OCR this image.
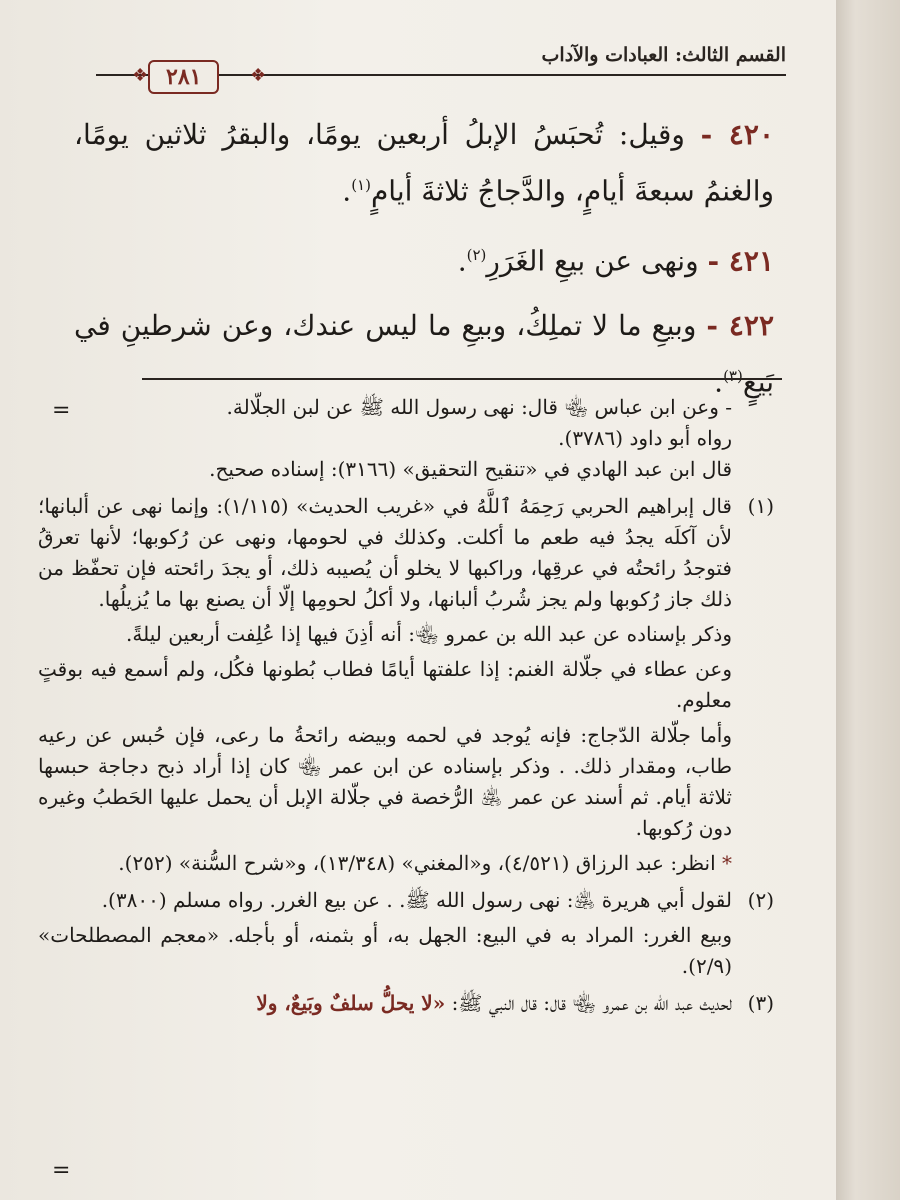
القسم الثالث: العبادات والآداب
❖
٢٨١
❖
٤٢٠ - وقيل: تُحبَسُ الإبلُ أربعين يومًا، والبقرُ ثلاثين يومًا، والغنمُ سبعةَ أيامٍ، والدَّجاجُ ثلاثةَ أيامٍ$^{(١)}$.
٤٢١ - ونهى عن بيعِ الغَرَرِ$^{(٢)}$.
٤٢٢ - وبيعِ ما لا تملِكُ، وبيعِ ما ليس عندك، وعن شرطينِ في بَيعٍ$^{(٣)}$.
=	- وعن ابن عباس ﵄ قال: نهى رسول الله ﷺ عن لبن الجلّالة.
رواه أبو داود (٣٧٨٦).
قال ابن عبد الهادي في «تنقيح التحقيق» (٣١٦٦): إسناده صحيح.
(١)
قال إبراهيم الحربي رَحِمَهُ ٱللَّهُ في «غريب الحديث» (١/١١٥): وإنما نهى عن ألبانها؛ لأن آكلَه يجدُ فيه طعم ما أكلت. وكذلك في لحومها، ونهى عن رُكوبها؛ لأنها تعرقُ فتوجدُ رائحتُه في عرقِها، وراكبها لا يخلو أن يُصيبه ذلك، أو يجدَ رائحته فإن تحفّظ من ذلك جاز رُكوبها ولم يجز شُربُ ألبانها، ولا أكلُ لحومِها إلّا أن يصنع بها ما يُزيلُها.
وذكر بإسناده عن عبد الله بن عمرو ﵄: أنه أذِنَ فيها إذا عُلِفت أربعين ليلةً.
وعن عطاء في جلّالة الغنم: إذا علفتها أيامًا فطاب بُطونها فكُل، ولم أسمع فيه بوقتٍ معلوم.
وأما جلّالة الدّجاج: فإنه يُوجد في لحمه وبيضه رائحةُ ما رعى، فإن حُبس عن رعيه طاب، ومقدار ذلك. . وذكر بإسناده عن ابن عمر ﵄ كان إذا أراد ذبح دجاجة حبسها ثلاثة أيام. ثم أسند عن عمر ﵁ الرُّخصة في جلّالة الإبل أن يحمل عليها الحَطبُ وغيره دون رُكوبها.
* انظر: عبد الرزاق (٤/٥٢١)، و«المغني» (١٣/٣٤٨)، و«شرح السُّنة» (٢٥٢).
(٢)
لقول أبي هريرة ﵁: نهى رسول الله ﷺ. . عن بيع الغرر. رواه مسلم (٣٨٠٠).
وبيع الغرر: المراد به في البيع: الجهل به، أو بثمنه، أو بأجله. «معجم المصطلحات» (٢/٩).
(٣)
لحديث عبد الله بن عمرو ﵄ قال: قال النبي ﷺ: «لا يحلُّ سلفٌ وبَيعٌ، ولا
=
